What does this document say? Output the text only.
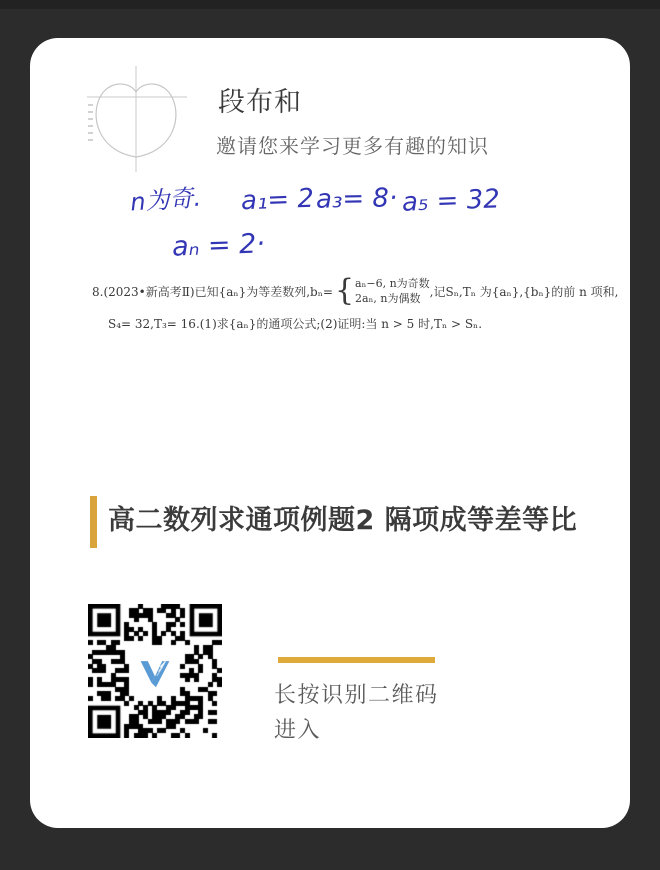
段布和
邀请您来学习更多有趣的知识
n为奇. a₁= 2 a₃= 8· a₅ = 32
aₙ = 2·
8.(2023•新高考Ⅱ)已知{aₙ}为等差数列,bₙ= { aₙ−6, n为奇数
2aₙ, n为偶数 ,记Sₙ,Tₙ 为{aₙ},{bₙ}的前 n 项和,
S₄= 32,T₃= 16.(1)求{aₙ}的通项公式;(2)证明:当 n > 5 时,Tₙ > Sₙ.
高二数列求通项例题2 隔项成等差等比
长按识别二维码
进入
